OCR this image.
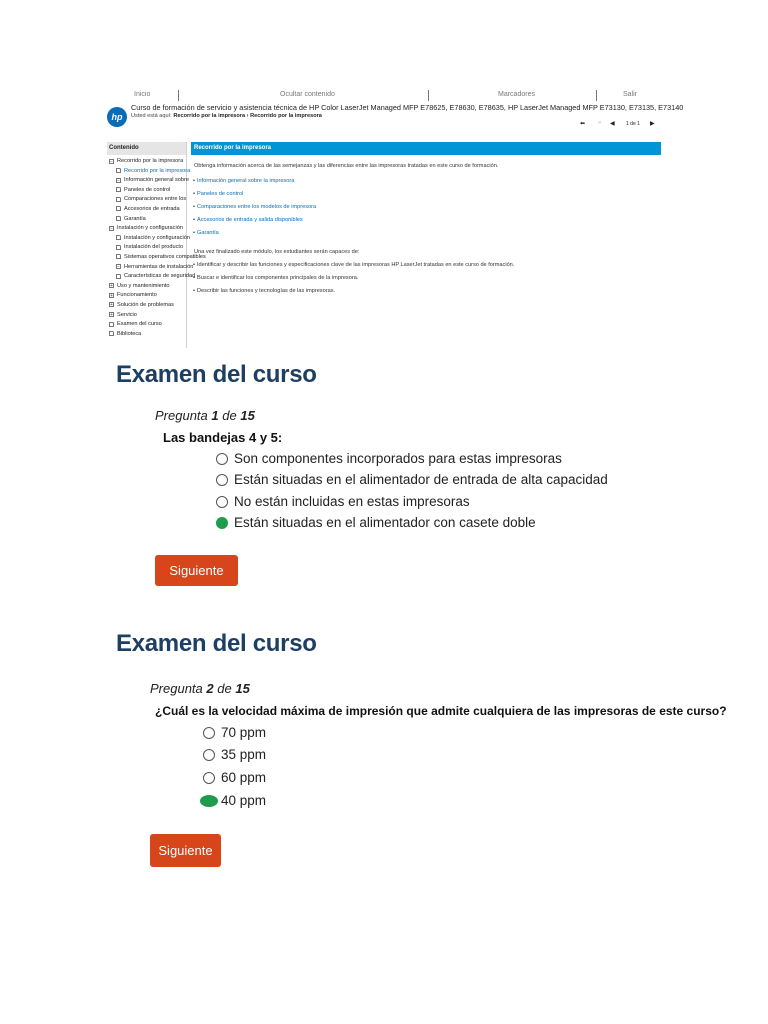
Inicio	Ocultar contenido	Marcadores	Salir
hp
Curso de formación de servicio y asistencia técnica de HP Color LaserJet Managed MFP E78625, E78630, E78635, HP LaserJet Managed MFP E73130, E73135, E73140
Usted está aquí: Recorrido por la impresora › Recorrido por la impresora
⬅ « ◀ 1 de 1 ▶
Contenido
− Recorrido por la impresora
Recorrido por la impresora
− Información general sobre
Paneles de control
Comparaciones entre los
Accesorios de entrada
Garantía
− Instalación y configuración
Instalación y configuración
Instalación del producto
Sistemas operativos compatibles
− Herramientas de instalación
Características de seguridad
+ Uso y mantenimiento
+ Funcionamiento
+ Solución de problemas
+ Servicio
Examen del curso
Biblioteca
Recorrido por la impresora

Obtenga información acerca de las semejanzas y las diferencias entre las impresoras tratadas en este curso de formación.

• Información general sobre la impresora
• Paneles de control
• Comparaciones entre los modelos de impresora
• Accesorios de entrada y salida disponibles
• Garantía

Una vez finalizado este módulo, los estudiantes serán capaces de:

• Identificar y describir las funciones y especificaciones clave de las impresoras HP LaserJet tratadas en este curso de formación.
• Buscar e identificar los componentes principales de la impresora.
• Describir las funciones y tecnologías de las impresoras.
Examen del curso
Pregunta 1 de 15
Las bandejas 4 y 5:
Son componentes incorporados para estas impresoras
Están situadas en el alimentador de entrada de alta capacidad
No están incluidas en estas impresoras
Están situadas en el alimentador con casete doble
Siguiente
Examen del curso
Pregunta 2 de 15
¿Cuál es la velocidad máxima de impresión que admite cualquiera de las impresoras de este curso?
70 ppm
35 ppm
60 ppm
40 ppm
Siguiente
